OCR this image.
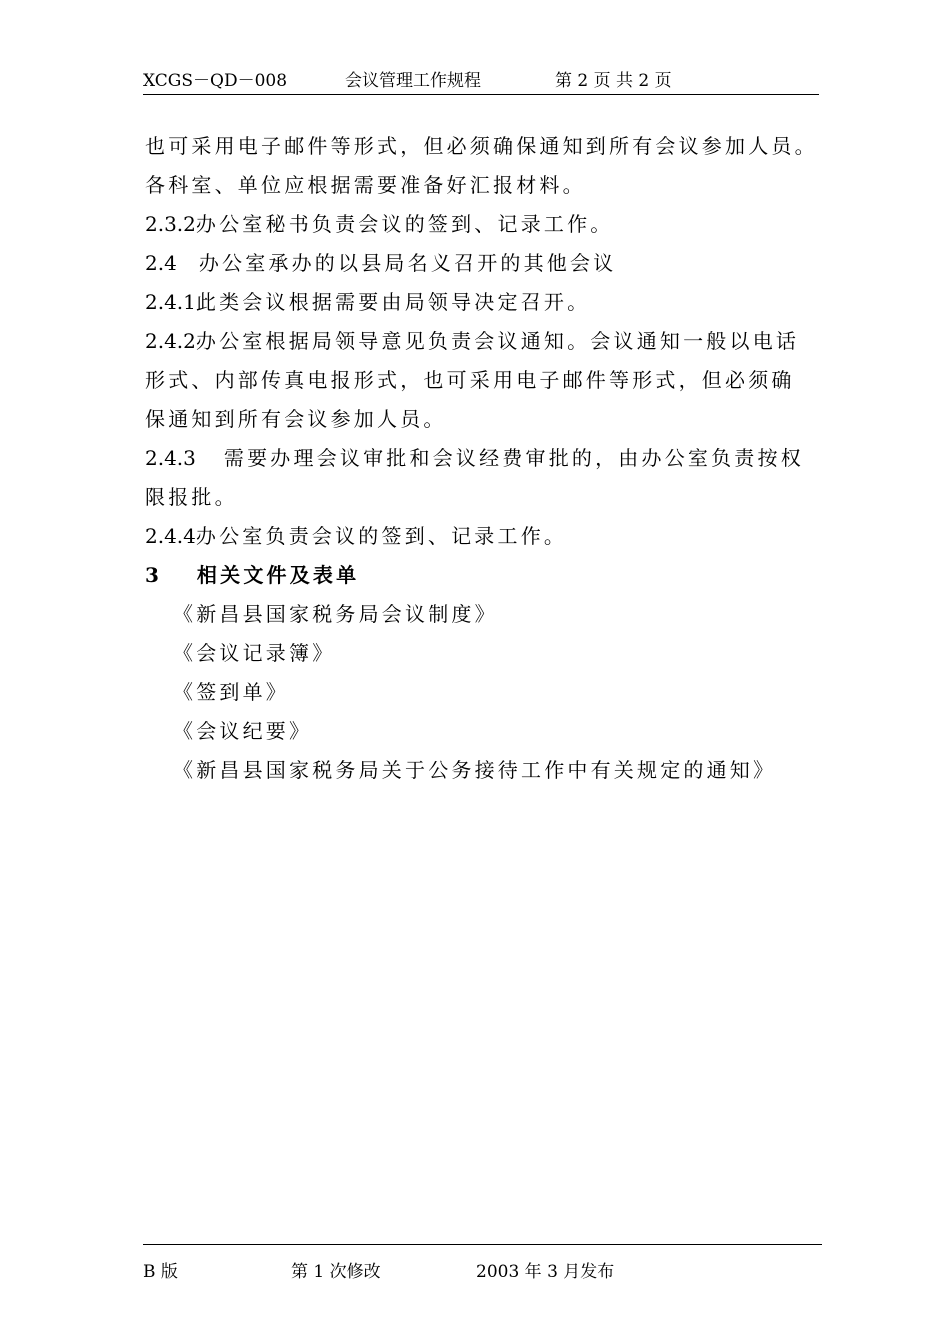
XCGS－QD－008	会议管理工作规程	第 2 页 共 2 页
也可采用电子邮件等形式，但必须确保通知到所有会议参加人员。
各科室、单位应根据需要准备好汇报材料。
2.3.2办公室秘书负责会议的签到、记录工作。
2.4 办公室承办的以县局名义召开的其他会议
2.4.1此类会议根据需要由局领导决定召开。
2.4.2办公室根据局领导意见负责会议通知。会议通知一般以电话
形式、内部传真电报形式，也可采用电子邮件等形式，但必须确
保通知到所有会议参加人员。
2.4.3 需要办理会议审批和会议经费审批的，由办公室负责按权
限报批。
2.4.4办公室负责会议的签到、记录工作。
3 相关文件及表单
《新昌县国家税务局会议制度》
《会议记录簿》
《签到单》
《会议纪要》
《新昌县国家税务局关于公务接待工作中有关规定的通知》
B 版	第 1 次修改	2003 年 3 月发布
